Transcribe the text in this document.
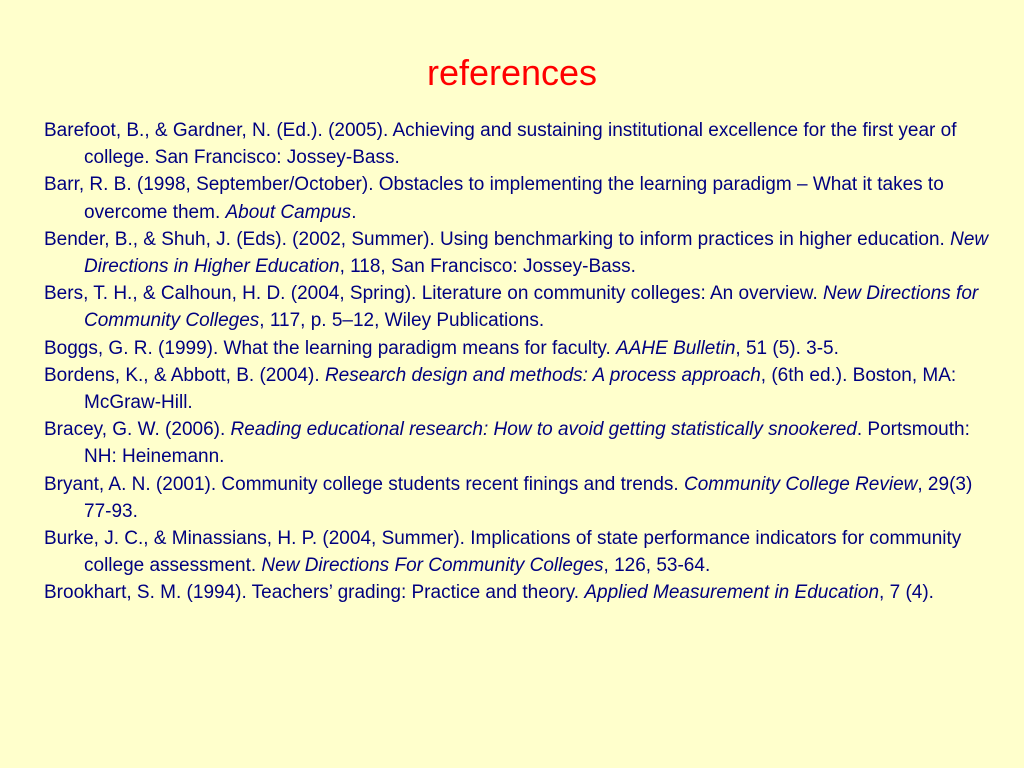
references
Barefoot, B., & Gardner, N. (Ed.). (2005). Achieving and sustaining institutional excellence for the first year of college. San Francisco: Jossey-Bass.
Barr, R. B. (1998, September/October). Obstacles to implementing the learning paradigm – What it takes to overcome them. About Campus.
Bender, B., & Shuh, J. (Eds). (2002, Summer). Using benchmarking to inform practices in higher education. New Directions in Higher Education, 118, San Francisco: Jossey-Bass.
Bers, T. H., & Calhoun, H. D. (2004, Spring). Literature on community colleges: An overview. New Directions for Community Colleges, 117, p. 5–12, Wiley Publications.
Boggs, G. R. (1999). What the learning paradigm means for faculty. AAHE Bulletin, 51 (5). 3-5.
Bordens, K., & Abbott, B. (2004). Research design and methods: A process approach, (6th ed.). Boston, MA: McGraw-Hill.
Bracey, G. W. (2006). Reading educational research: How to avoid getting statistically snookered. Portsmouth: NH: Heinemann.
Bryant, A. N. (2001). Community college students recent finings and trends. Community College Review, 29(3) 77-93.
Burke, J. C., & Minassians, H. P. (2004, Summer). Implications of state performance indicators for community college assessment. New Directions For Community Colleges, 126, 53-64.
Brookhart, S. M. (1994). Teachers’ grading: Practice and theory. Applied Measurement in Education, 7 (4).
